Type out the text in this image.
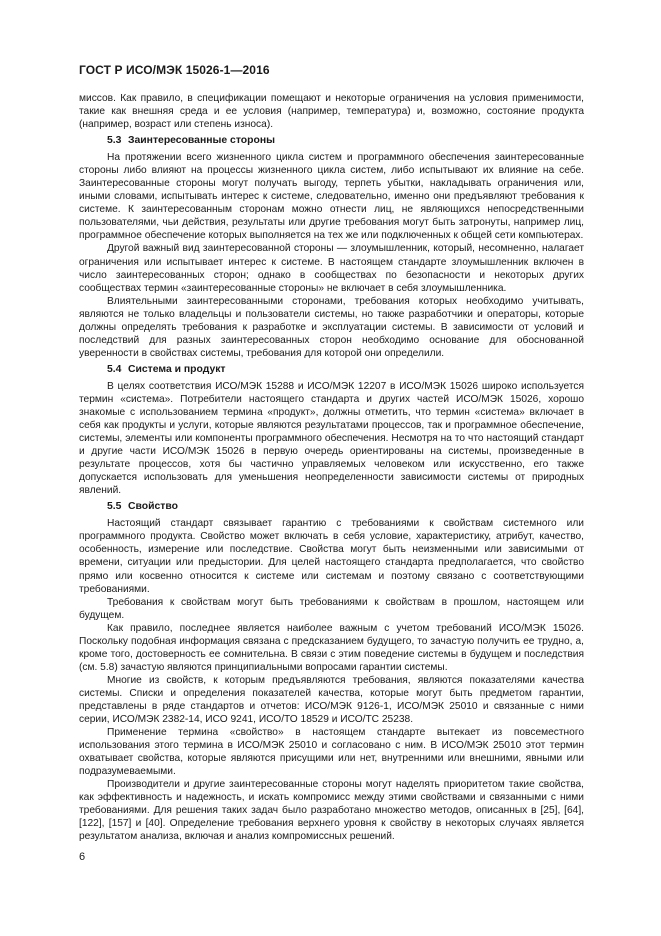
ГОСТ Р ИСО/МЭК 15026-1—2016

миссов. Как правило, в спецификации помещают и некоторые ограничения на условия применимости, такие как внешняя среда и ее условия (например, температура) и, возможно, состояние продукта (например, возраст или степень износа).

5.3 Заинтересованные стороны

На протяжении всего жизненного цикла систем и программного обеспечения заинтересованные стороны либо влияют на процессы жизненного цикла систем, либо испытывают их влияние на себе. Заинтересованные стороны могут получать выгоду, терпеть убытки, накладывать ограничения или, иными словами, испытывать интерес к системе, следовательно, именно они предъявляют требования к системе. К заинтересованным сторонам можно отнести лиц, не являющихся непосредственными пользователями, чьи действия, результаты или другие требования могут быть затронуты, например лиц, программное обеспечение которых выполняется на тех же или подключенных к общей сети компьютерах.

Другой важный вид заинтересованной стороны — злоумышленник, который, несомненно, налагает ограничения или испытывает интерес к системе. В настоящем стандарте злоумышленник включен в число заинтересованных сторон; однако в сообществах по безопасности и некоторых других сообществах термин «заинтересованные стороны» не включает в себя злоумышленника.

Влиятельными заинтересованными сторонами, требования которых необходимо учитывать, являются не только владельцы и пользователи системы, но также разработчики и операторы, которые должны определять требования к разработке и эксплуатации системы. В зависимости от условий и последствий для разных заинтересованных сторон необходимо основание для обоснованной уверенности в свойствах системы, требования для которой они определили.

5.4 Система и продукт

В целях соответствия ИСО/МЭК 15288 и ИСО/МЭК 12207 в ИСО/МЭК 15026 широко используется термин «система». Потребители настоящего стандарта и других частей ИСО/МЭК 15026, хорошо знакомые с использованием термина «продукт», должны отметить, что термин «система» включает в себя как продукты и услуги, которые являются результатами процессов, так и программное обеспечение, системы, элементы или компоненты программного обеспечения. Несмотря на то что настоящий стандарт и другие части ИСО/МЭК 15026 в первую очередь ориентированы на системы, произведенные в результате процессов, хотя бы частично управляемых человеком или искусственно, его также допускается использовать для уменьшения неопределенности зависимости системы от природных явлений.

5.5 Свойство

Настоящий стандарт связывает гарантию с требованиями к свойствам системного или программного продукта. Свойство может включать в себя условие, характеристику, атрибут, качество, особенность, измерение или последствие. Свойства могут быть неизменными или зависимыми от времени, ситуации или предыстории. Для целей настоящего стандарта предполагается, что свойство прямо или косвенно относится к системе или системам и поэтому связано с соответствующими требованиями.

Требования к свойствам могут быть требованиями к свойствам в прошлом, настоящем или будущем.

Как правило, последнее является наиболее важным с учетом требований ИСО/МЭК 15026. Поскольку подобная информация связана с предсказанием будущего, то зачастую получить ее трудно, а, кроме того, достоверность ее сомнительна. В связи с этим поведение системы в будущем и последствия (см. 5.8) зачастую являются принципиальными вопросами гарантии системы.

Многие из свойств, к которым предъявляются требования, являются показателями качества системы. Списки и определения показателей качества, которые могут быть предметом гарантии, представлены в ряде стандартов и отчетов: ИСО/МЭК 9126-1, ИСО/МЭК 25010 и связанные с ними серии, ИСО/МЭК 2382-14, ИСО 9241, ИСО/ТО 18529 и ИСО/ТС 25238.

Применение термина «свойство» в настоящем стандарте вытекает из повсеместного использования этого термина в ИСО/МЭК 25010 и согласовано с ним. В ИСО/МЭК 25010 этот термин охватывает свойства, которые являются присущими или нет, внутренними или внешними, явными или подразумеваемыми.

Производители и другие заинтересованные стороны могут наделять приоритетом такие свойства, как эффективность и надежность, и искать компромисс между этими свойствами и связанными с ними требованиями. Для решения таких задач было разработано множество методов, описанных в [25], [64], [122], [157] и [40]. Определение требования верхнего уровня к свойству в некоторых случаях является результатом анализа, включая и анализ компромиссных решений.

6
